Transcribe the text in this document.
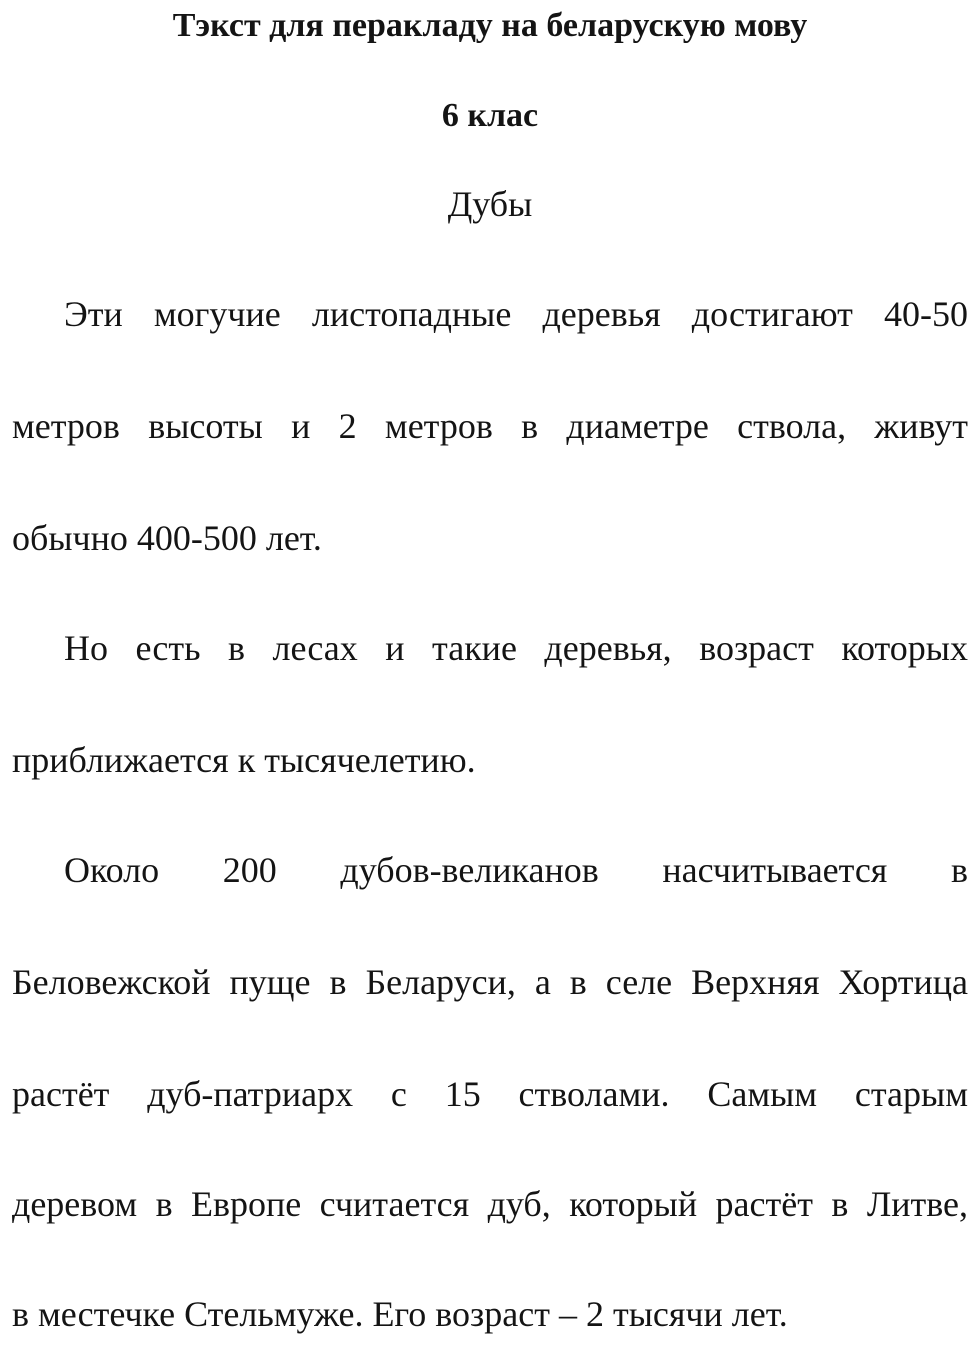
Тэкст для перакладу на беларускую мову
6 клас
Дубы
Эти могучие листопадные деревья достигают 40-50
метров высоты и 2 метров в диаметре ствола, живут
обычно 400-500 лет.
Но есть в лесах и такие деревья, возраст которых
приближается к тысячелетию.
Около 200 дубов-великанов насчитывается в
Беловежской пуще в Беларуси, а в селе Верхняя Хортица
растёт дуб-патриарх с 15 стволами. Самым старым
деревом в Европе считается дуб, который растёт в Литве,
в местечке Стельмуже. Его возраст – 2 тысячи лет.
